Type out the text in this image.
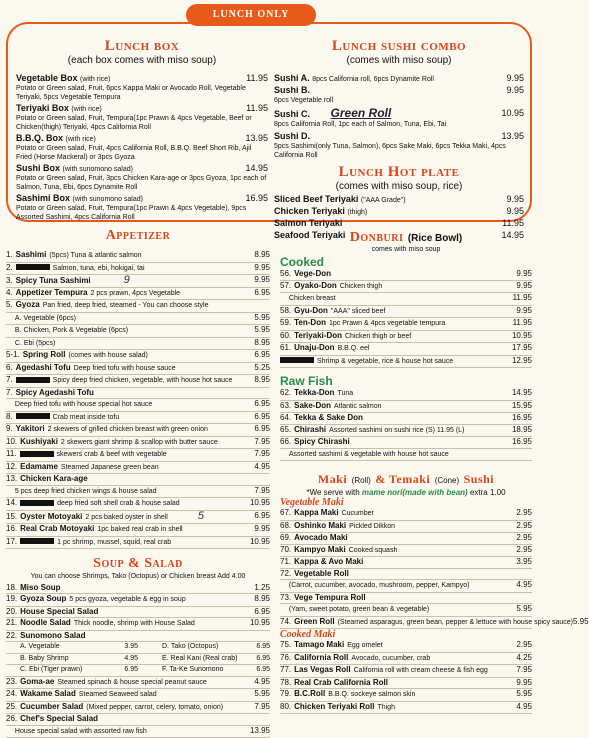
LUNCH ONLY
Lunch box
(each box comes with miso soup)
Vegetable Box (with rice)	11.95
Potato or Green salad, Fruit, 6pcs Kappa Maki or Avocado Roll, Vegetable Teriyaki, 5pcs Vegetable Tempura
Teriyaki Box (with rice)	11.95
Potato or Green salad, Fruit, Tempura(1pc Prawn & 4pcs Vegetable, Beef or Chicken(thigh) Teriyaki, 4pcs California Roll
B.B.Q. Box (with rice)	13.95
Potato or Green salad, Fruit, 4pcs California Roll, B.B.Q. Beef Short Rib, Ajil Fried (Horse Mackeral) or 3pcs Gyoza
Sushi Box (with sunomono salad)	14.95
Potato or Green salad, Fruit, 3pcs Chicken Kara-age or 3pcs Gyoza, 1pc each of Salmon, Tuna, Ebi, 6pcs Dynamite Roll
Sashimi Box (with sunomono salad)	16.95
Potato or Green salad, Fruit, Tempura(1pc Prawn & 4pcs Vegetable), 9pcs Assorted Sashimi, 4pcs California Roll
Lunch sushi combo
(comes with miso soup)
Sushi A. 8pcs California roll, 6pcs Dynamite Roll	9.95
Sushi B.	9.95
6pcs Vegetable roll
Sushi C. Green Roll	10.95
8pcs California Roll, 1pc each of Salmon, Tuna, Ebi, Tai
Sushi D.	13.95
5pcs Sashimi(only Tuna, Salmon), 6pcs Sake Maki, 6pcs Tekka Maki, 4pcs California Roll
Lunch Hot plate
(comes with miso soup, rice)
Sliced Beef Teriyaki ("AAA Grade")	9.95
Chicken Teriyaki (thigh)	9.95
Salmon Teriyaki	11.95
Seafood Teriyaki	14.95
Appetizer
1. Sashimi (5pcs) Tuna & atlantic salmon	8.95
2.	Salmon, tuna, ebi, hokigai, tai	9.95
3. Spicy Tuna Sashimi	9	9.95
4. Appetizer Tempura 2 pcs prawn, 4pcs Vegetable	6.95
5. Gyoza Pan fried, deep fried, steamed - You can choose style
A. Vegetable (6pcs)	5.95
B. Chicken, Pork & Vegetable (6pcs)	5.95
C. Ebi (5pcs)	8.95
5-1. Spring Roll (comes with house salad)	6.95
6. Agedashi Tofu Deep fried tofu with house sauce	5.25
7.	Spicy deep fried chicken, vegetable, with house hot sauce	8.95
7. Spicy Agedashi Tofu
Deep fried tofu with house special hot sauce	6.95
8.	Crab meat inside tofu	6.95
9. Yakitori 2 skewers of grilled chicken breast with green onion	6.95
10. Kushiyaki 2 skewers giant shrimp & scallop with butter sauce	7.95
11.	skewers crab & beef with vegetable	7.95
12. Edamame Steamed Japanese green bean	4.95
13. Chicken Kara-age
5 pcs deep fried chicken wings & house salad	7.95
14.	deep fried soft shell crab & house salad	10.95
15. Oyster Motoyaki 2 pcs baked oyster in shell	5	6.95
16. Real Crab Motoyaki 1pc baked real crab in shell	9.95
17.	1 pc shrimp, mussel, squid, real crab	10.95
Soup & Salad
You can choose Shrimps, Tako (Octopus) or Chicken breast Add 4.00
18. Miso Soup	1.25
19. Gyoza Soup 5 pcs gyoza, vegetable & egg in soup	8.95
20. House Special Salad	6.95
21. Noodle Salad Thick noodle, shrimp with House Salad	10.95
22. Sunomono Salad
A. Vegetable	3.95	D. Tako (Octopus)	6.95
B. Baby Shrimp	4.95	E. Real Kani (Real crab)	6.95
C. Ebi (Tiger prawn)	6.95	F. Ta-Ke Sunomono	6.95
23. Goma-ae Steamed spinach & house special peanut sauce	4.95
24. Wakame Salad Steamed Seaweed salad	5.95
25. Cucumber Salad (Mixed pepper, carrot, celery, tomato, onion)	7.95
26. Chef's Special Salad
House special salad with assorted raw fish	13.95
Donburi (Rice Bowl)
comes with miso soup
Cooked
56. Vege-Don	9.95
57. Oyako-Don Chicken thigh	9.95
Chicken breast	11.95
58. Gyu-Don "AAA" sliced beef	9.95
59. Ten-Don 1pc Prawn & 4pcs vegetable tempura	11.95
60. Teriyaki-Don Chicken thigh or beef	10.95
61. Unaju-Don B.B.Q. eel	17.95
Shrimp & vegetable, rice & house hot sauce	12.95
Raw Fish
62. Tekka-Don Tuna	14.95
63. Sake-Don Atlantic salmon	15.95
64. Tekka & Sake Don	16.95
65. Chirashi Assorted sashimi on sushi rice (S) 11.95 (L)	18.95
66. Spicy Chirashi	16.95
Assorted sashimi & vegetable with house hot sauce
Maki (Roll) & Temaki (Cone) Sushi
*We serve with mame nori(made with bean) extra 1.00
Vegetable Maki
67. Kappa Maki Cucumber	2.95
68. Oshinko Maki Pickled Dikkon	2.95
69. Avocado Maki	2.95
70. Kampyo Maki Cooked squash	2.95
71. Kappa & Avo Maki	3.95
72. Vegetable Roll
(Carrot, cucumber, avocado, mushroom, pepper, Kampyo)	4.95
73. Vege Tempura Roll
(Yam, sweet potato, green bean & vegetable)	5.95
74. Green Roll (Steamed asparagus, green bean, pepper & lettuce with house spicy sauce) 5.95
Cooked Maki
75. Tamago Maki Egg omelet	2.95
76. California Roll Avocado, cucumber, crab	4.25
77. Las Vegas Roll California roll with cream cheese & fish egg	7.95
78. Real Crab California Roll	9.95
79. B.C.Roll B.B.Q. sockeye salmon skin	5.95
80. Chicken Teriyaki Roll Thigh	4.95
